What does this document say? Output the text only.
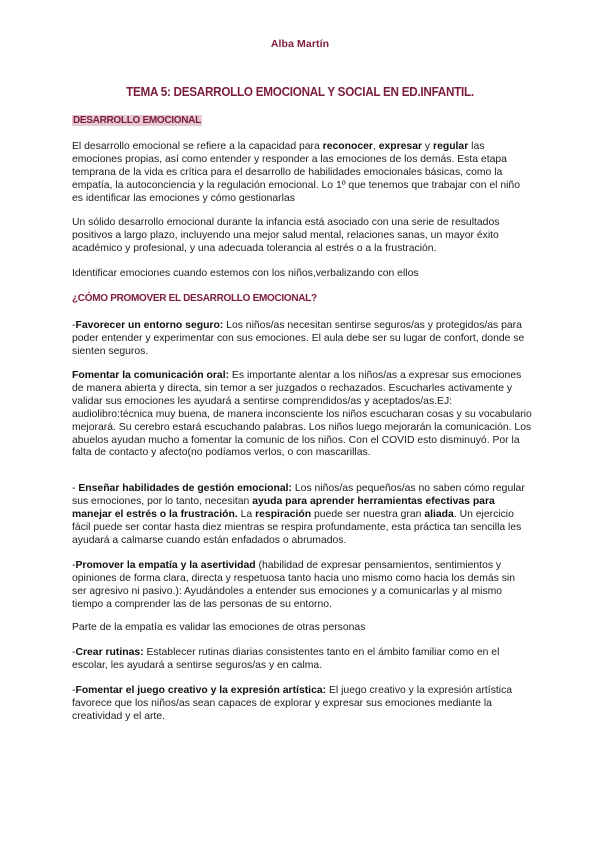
Alba Martín
TEMA 5: DESARROLLO EMOCIONAL Y SOCIAL EN ED.INFANTIL.
DESARROLLO EMOCIONAL

El desarrollo emocional se refiere a la capacidad para reconocer, expresar y regular las emociones propias, así como entender y responder a las emociones de los demás. Esta etapa temprana de la vida es crítica para el desarrollo de habilidades emocionales básicas, como la empatía, la autoconciencia y la regulación emocional. Lo 1º que tenemos que trabajar con el niño es identificar las emociones y cómo gestionarlas

Un sólido desarrollo emocional durante la infancia está asociado con una serie de resultados positivos a largo plazo, incluyendo una mejor salud mental, relaciones sanas, un mayor éxito académico y profesional, y una adecuada tolerancia al estrés o a la frustración.

Identificar emociones cuando estemos con los niños,verbalizando con ellos

¿CÓMO PROMOVER EL DESARROLLO EMOCIONAL?

-Favorecer un entorno seguro: Los niños/as necesitan sentirse seguros/as y protegidos/as para poder entender y experimentar con sus emociones. El aula debe ser su lugar de confort, donde se sienten seguros.

Fomentar la comunicación oral: Es importante alentar a los niños/as a expresar sus emociones de manera abierta y directa, sin temor a ser juzgados o rechazados. Escucharles activamente y validar sus emociones les ayudará a sentirse comprendidos/as y aceptados/as.EJ: audiolibro:técnica muy buena, de manera inconsciente los niños escucharan cosas y su vocabulario mejorará. Su cerebro estará escuchando palabras. Los niños luego mejorarán la comunicación. Los abuelos ayudan mucho a fomentar la comunic de los niños. Con el COVID esto disminuyó. Por la falta de contacto y afecto(no podíamos verlos, o con mascarillas.

- Enseñar habilidades de gestión emocional: Los niños/as pequeños/as no saben cómo regular sus emociones, por lo tanto, necesitan ayuda para aprender herramientas efectivas para manejar el estrés o la frustración. La respiración puede ser nuestra gran aliada. Un ejercicio fácil puede ser contar hasta diez mientras se respira profundamente, esta práctica tan sencilla les ayudará a calmarse cuando están enfadados o abrumados.

-Promover la empatía y la asertividad (habilidad de expresar pensamientos, sentimientos y opiniones de forma clara, directa y respetuosa tanto hacia uno mismo como hacia los demás sin ser agresivo ni pasivo.): Ayudándoles a entender sus emociones y a comunicarlas y al mismo tiempo a comprender las de las personas de su entorno.

Parte de la empatía es validar las emociones de otras personas

-Crear rutinas: Establecer rutinas diarias consistentes tanto en el ámbito familiar como en el escolar, les ayudará a sentirse seguros/as y en calma.

-Fomentar el juego creativo y la expresión artística: El juego creativo y la expresión artística favorece que los niños/as sean capaces de explorar y expresar sus emociones mediante la creatividad y el arte.
